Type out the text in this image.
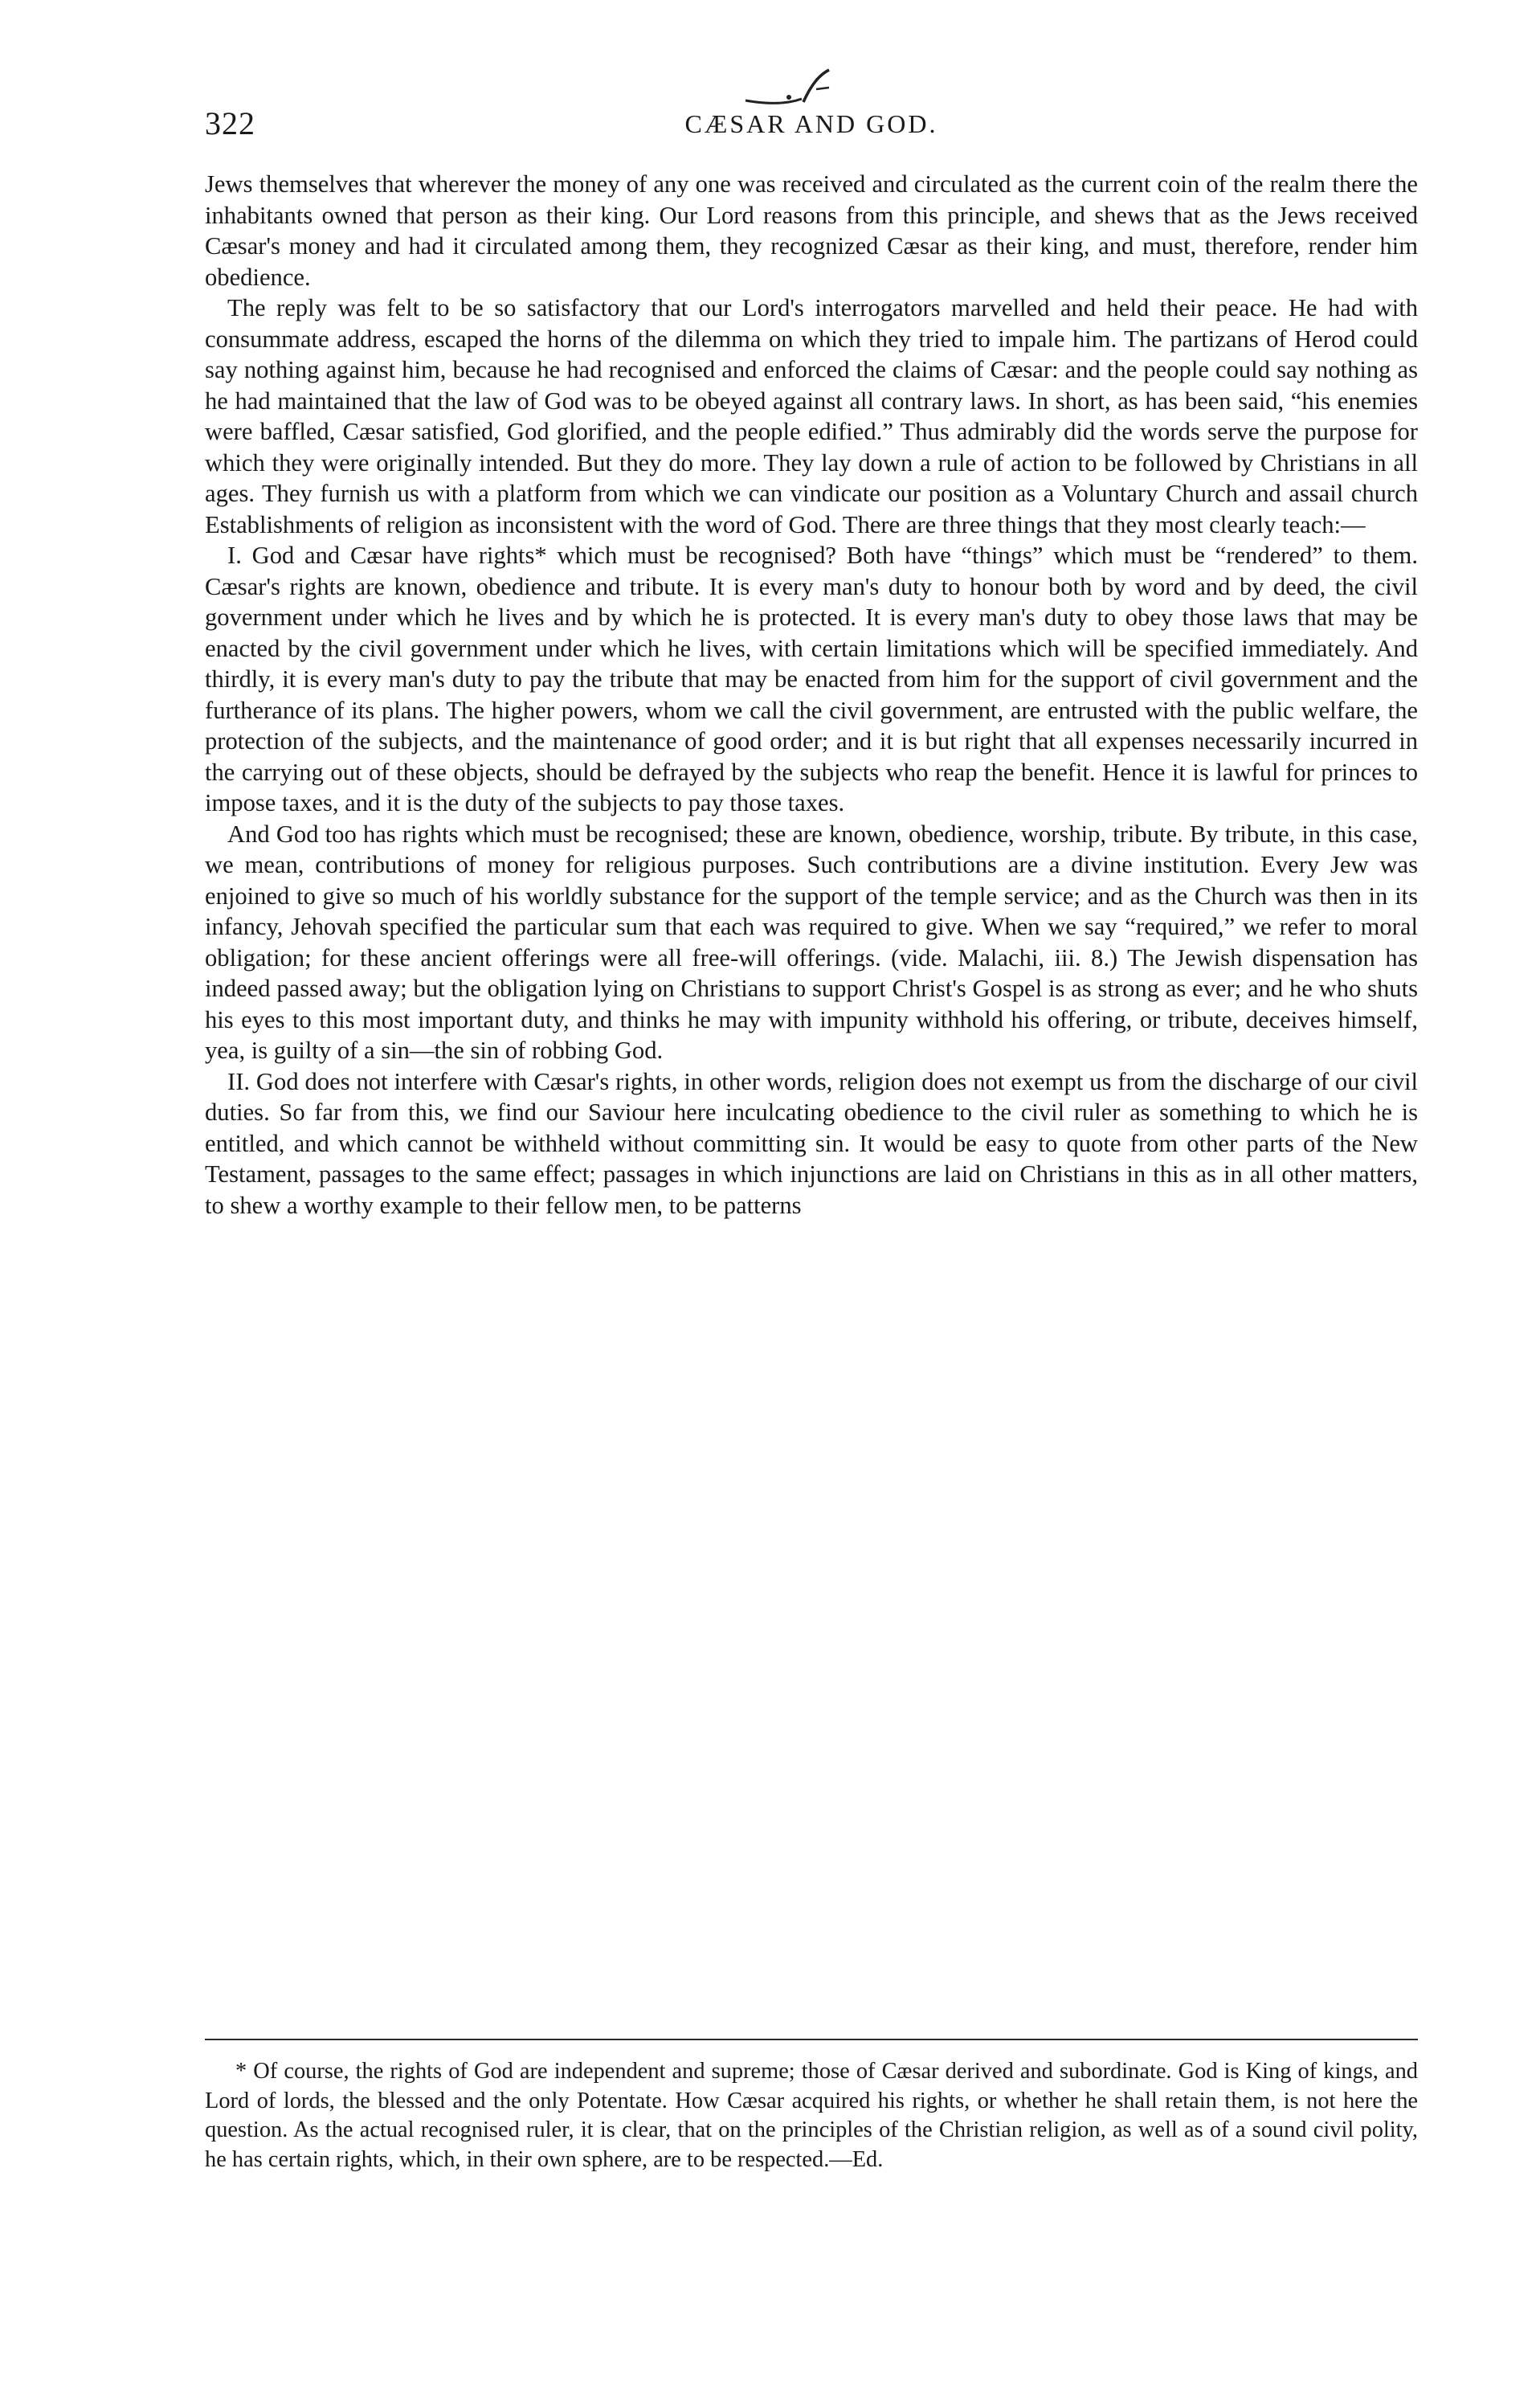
322	CÆSAR AND GOD.

Jews themselves that wherever the money of any one was received and circulated as the current coin of the realm there the inhabitants owned that person as their king. Our Lord reasons from this principle, and shews that as the Jews received Cæsar's money and had it circulated among them, they recognized Cæsar as their king, and must, therefore, render him obedience.

The reply was felt to be so satisfactory that our Lord's interrogators marvelled and held their peace. He had with consummate address, escaped the horns of the dilemma on which they tried to impale him. The partizans of Herod could say nothing against him, because he had recognised and enforced the claims of Cæsar: and the people could say nothing as he had maintained that the law of God was to be obeyed against all contrary laws. In short, as has been said, “his enemies were baffled, Cæsar satisfied, God glorified, and the people edified.” Thus admirably did the words serve the purpose for which they were originally intended. But they do more. They lay down a rule of action to be followed by Christians in all ages. They furnish us with a platform from which we can vindicate our position as a Voluntary Church and assail church Establishments of religion as inconsistent with the word of God. There are three things that they most clearly teach:—

I. God and Cæsar have rights* which must be recognised? Both have “things” which must be “rendered” to them. Cæsar's rights are known, obedience and tribute. It is every man's duty to honour both by word and by deed, the civil government under which he lives and by which he is protected. It is every man's duty to obey those laws that may be enacted by the civil government under which he lives, with certain limitations which will be specified immediately. And thirdly, it is every man's duty to pay the tribute that may be enacted from him for the support of civil government and the furtherance of its plans. The higher powers, whom we call the civil government, are entrusted with the public welfare, the protection of the subjects, and the maintenance of good order; and it is but right that all expenses necessarily incurred in the carrying out of these objects, should be defrayed by the subjects who reap the benefit. Hence it is lawful for princes to impose taxes, and it is the duty of the subjects to pay those taxes.

And God too has rights which must be recognised; these are known, obedience, worship, tribute. By tribute, in this case, we mean, contributions of money for religious purposes. Such contributions are a divine institution. Every Jew was enjoined to give so much of his worldly substance for the support of the temple service; and as the Church was then in its infancy, Jehovah specified the particular sum that each was required to give. When we say “required,” we refer to moral obligation; for these ancient offerings were all free-will offerings. (vide. Malachi, iii. 8.) The Jewish dispensation has indeed passed away; but the obligation lying on Christians to support Christ's Gospel is as strong as ever; and he who shuts his eyes to this most important duty, and thinks he may with impunity withhold his offering, or tribute, deceives himself, yea, is guilty of a sin—the sin of robbing God.

II. God does not interfere with Cæsar's rights, in other words, religion does not exempt us from the discharge of our civil duties. So far from this, we find our Saviour here inculcating obedience to the civil ruler as something to which he is entitled, and which cannot be withheld without committing sin. It would be easy to quote from other parts of the New Testament, passages to the same effect; passages in which injunctions are laid on Christians in this as in all other matters, to shew a worthy example to their fellow men, to be patterns

* Of course, the rights of God are independent and supreme; those of Cæsar derived and subordinate. God is King of kings, and Lord of lords, the blessed and the only Potentate. How Cæsar acquired his rights, or whether he shall retain them, is not here the question. As the actual recognised ruler, it is clear, that on the principles of the Christian religion, as well as of a sound civil polity, he has certain rights, which, in their own sphere, are to be respected.—Ed.
